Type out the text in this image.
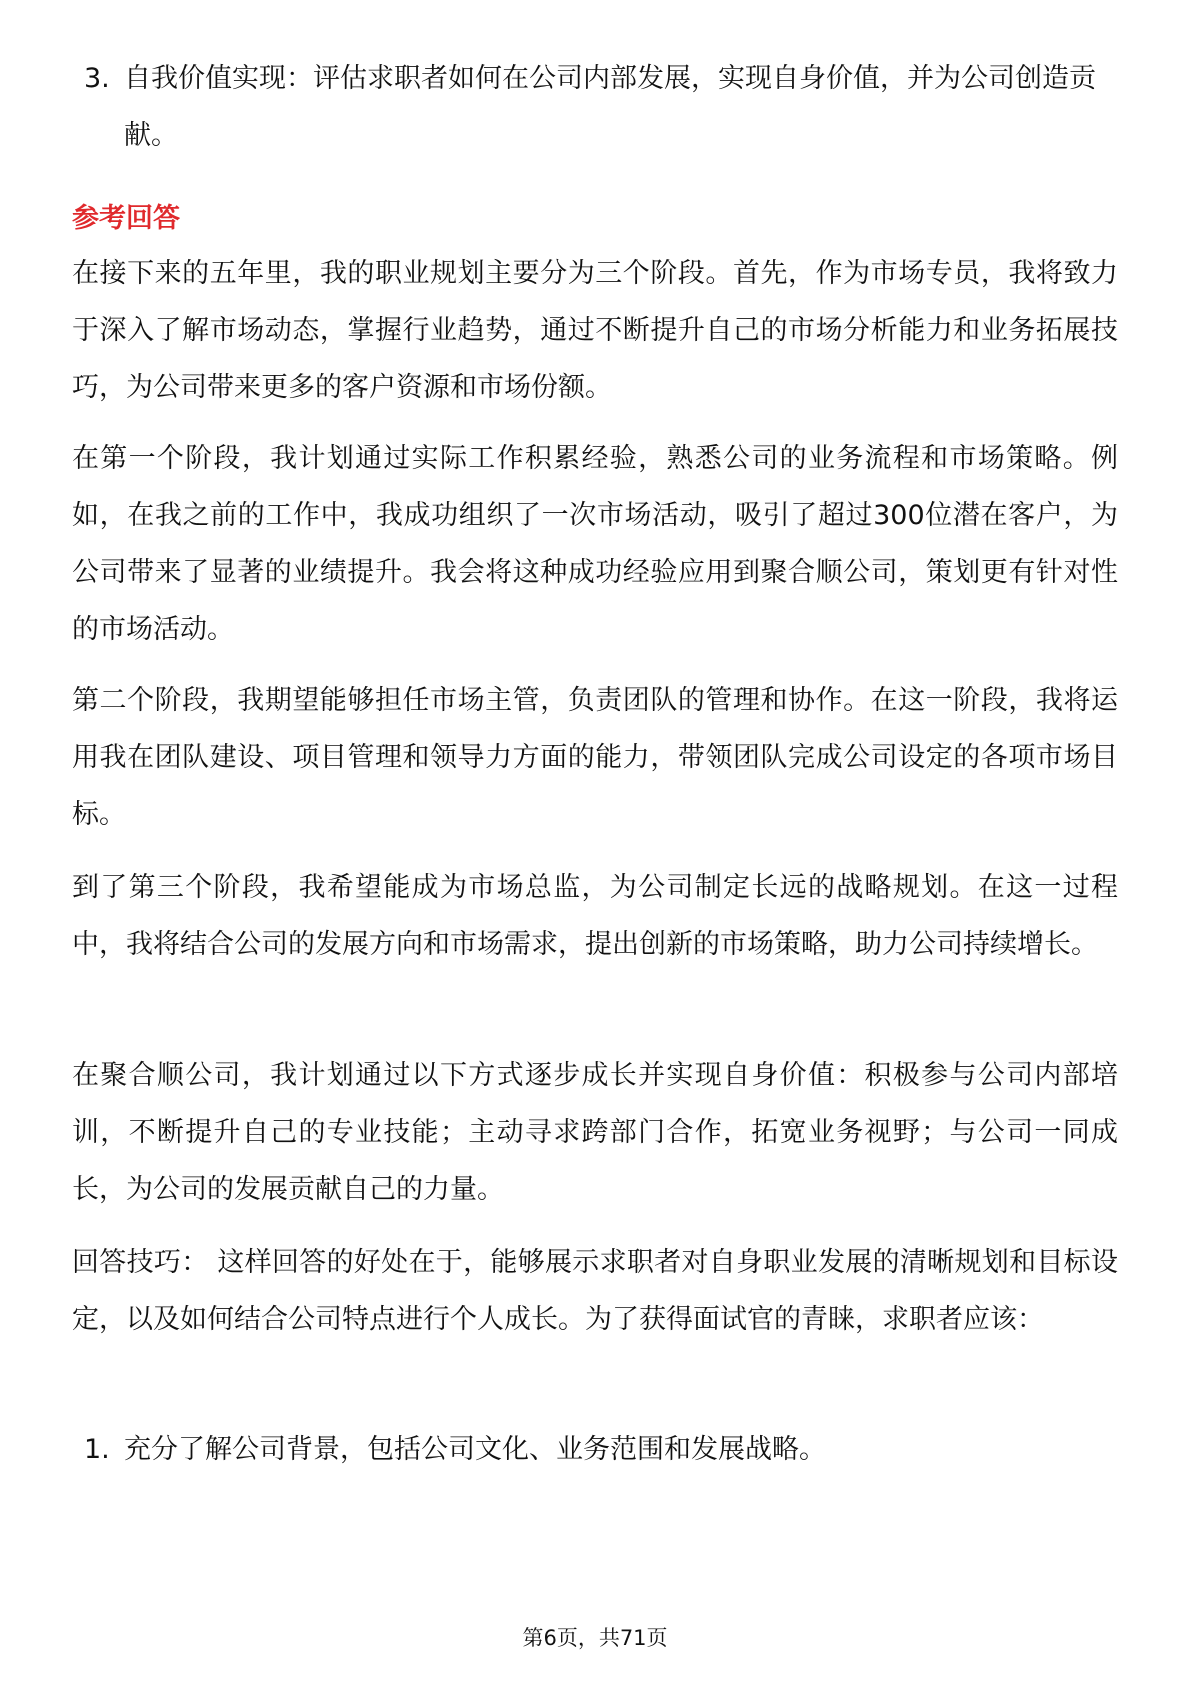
3. 自我价值实现：评估求职者如何在公司内部发展，实现自身价值，并为公司创造贡献。
参考回答

在接下来的五年里，我的职业规划主要分为三个阶段。首先，作为市场专员，我将致力于深入了解市场动态，掌握行业趋势，通过不断提升自己的市场分析能力和业务拓展技巧，为公司带来更多的客户资源和市场份额。

在第一个阶段，我计划通过实际工作积累经验，熟悉公司的业务流程和市场策略。例如，在我之前的工作中，我成功组织了一次市场活动，吸引了超过300位潜在客户，为公司带来了显著的业绩提升。我会将这种成功经验应用到聚合顺公司，策划更有针对性的市场活动。

第二个阶段，我期望能够担任市场主管，负责团队的管理和协作。在这一阶段，我将运用我在团队建设、项目管理和领导力方面的能力，带领团队完成公司设定的各项市场目标。

到了第三个阶段，我希望能成为市场总监，为公司制定长远的战略规划。在这一过程中，我将结合公司的发展方向和市场需求，提出创新的市场策略，助力公司持续增长。

在聚合顺公司，我计划通过以下方式逐步成长并实现自身价值：积极参与公司内部培训，不断提升自己的专业技能；主动寻求跨部门合作，拓宽业务视野；与公司一同成长，为公司的发展贡献自己的力量。

回答技巧： 这样回答的好处在于，能够展示求职者对自身职业发展的清晰规划和目标设定，以及如何结合公司特点进行个人成长。为了获得面试官的青睐，求职者应该：

1. 充分了解公司背景，包括公司文化、业务范围和发展战略。
第6页，共71页
